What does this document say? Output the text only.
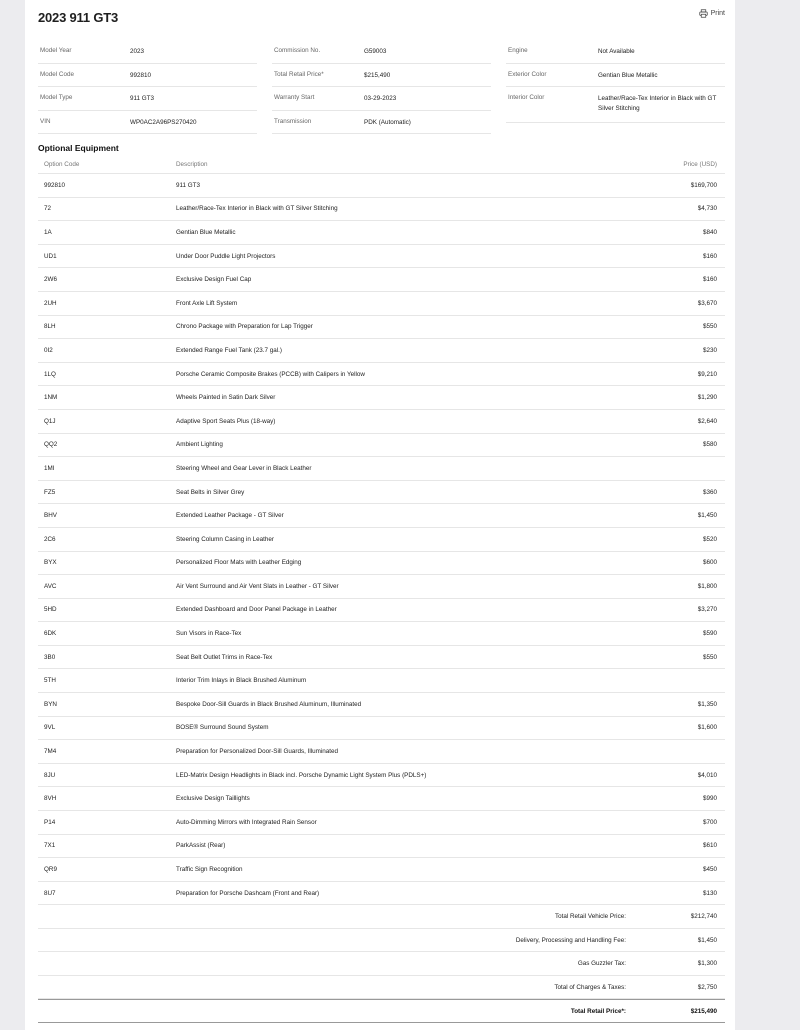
2023 911 GT3	Print
Model Year	2023
Model Code	992810
Model Type	911 GT3
VIN	WP0AC2A96PS270420
Commission No.	G59003
Total Retail Price*	$215,490
Warranty Start	03-29-2023
Transmission	PDK (Automatic)
Engine	Not Available
Exterior Color	Gentian Blue Metallic
Interior Color	Leather/Race-Tex Interior in Black with GT Silver Stitching
Optional Equipment
Option Code	Description	Price (USD)
992810	911 GT3	$169,700
72	Leather/Race-Tex Interior in Black with GT Silver Stitching	$4,730
1A	Gentian Blue Metallic	$840
UD1	Under Door Puddle Light Projectors	$160
2W6	Exclusive Design Fuel Cap	$160
2UH	Front Axle Lift System	$3,670
8LH	Chrono Package with Preparation for Lap Trigger	$550
0I2	Extended Range Fuel Tank (23.7 gal.)	$230
1LQ	Porsche Ceramic Composite Brakes (PCCB) with Calipers in Yellow	$9,210
1NM	Wheels Painted in Satin Dark Silver	$1,290
Q1J	Adaptive Sport Seats Plus (18-way)	$2,640
QQ2	Ambient Lighting	$580
1MI	Steering Wheel and Gear Lever in Black Leather
FZ5	Seat Belts in Silver Grey	$360
BHV	Extended Leather Package - GT Silver	$1,450
2C6	Steering Column Casing in Leather	$520
BYX	Personalized Floor Mats with Leather Edging	$600
AVC	Air Vent Surround and Air Vent Slats in Leather - GT Silver	$1,800
5HD	Extended Dashboard and Door Panel Package in Leather	$3,270
6DK	Sun Visors in Race-Tex	$590
3B0	Seat Belt Outlet Trims in Race-Tex	$550
5TH	Interior Trim Inlays in Black Brushed Aluminum
BYN	Bespoke Door-Sill Guards in Black Brushed Aluminum, Illuminated	$1,350
9VL	BOSE® Surround Sound System	$1,600
7M4	Preparation for Personalized Door-Sill Guards, Illuminated
8JU	LED-Matrix Design Headlights in Black incl. Porsche Dynamic Light System Plus (PDLS+)	$4,010
8VH	Exclusive Design Taillights	$990
P14	Auto-Dimming Mirrors with Integrated Rain Sensor	$700
7X1	ParkAssist (Rear)	$610
QR9	Traffic Sign Recognition	$450
8U7	Preparation for Porsche Dashcam (Front and Rear)	$130
Total Retail Vehicle Price:	$212,740
Delivery, Processing and Handling Fee:	$1,450
Gas Guzzler Tax:	$1,300
Total of Charges & Taxes:	$2,750
Total Retail Price*:	$215,490
